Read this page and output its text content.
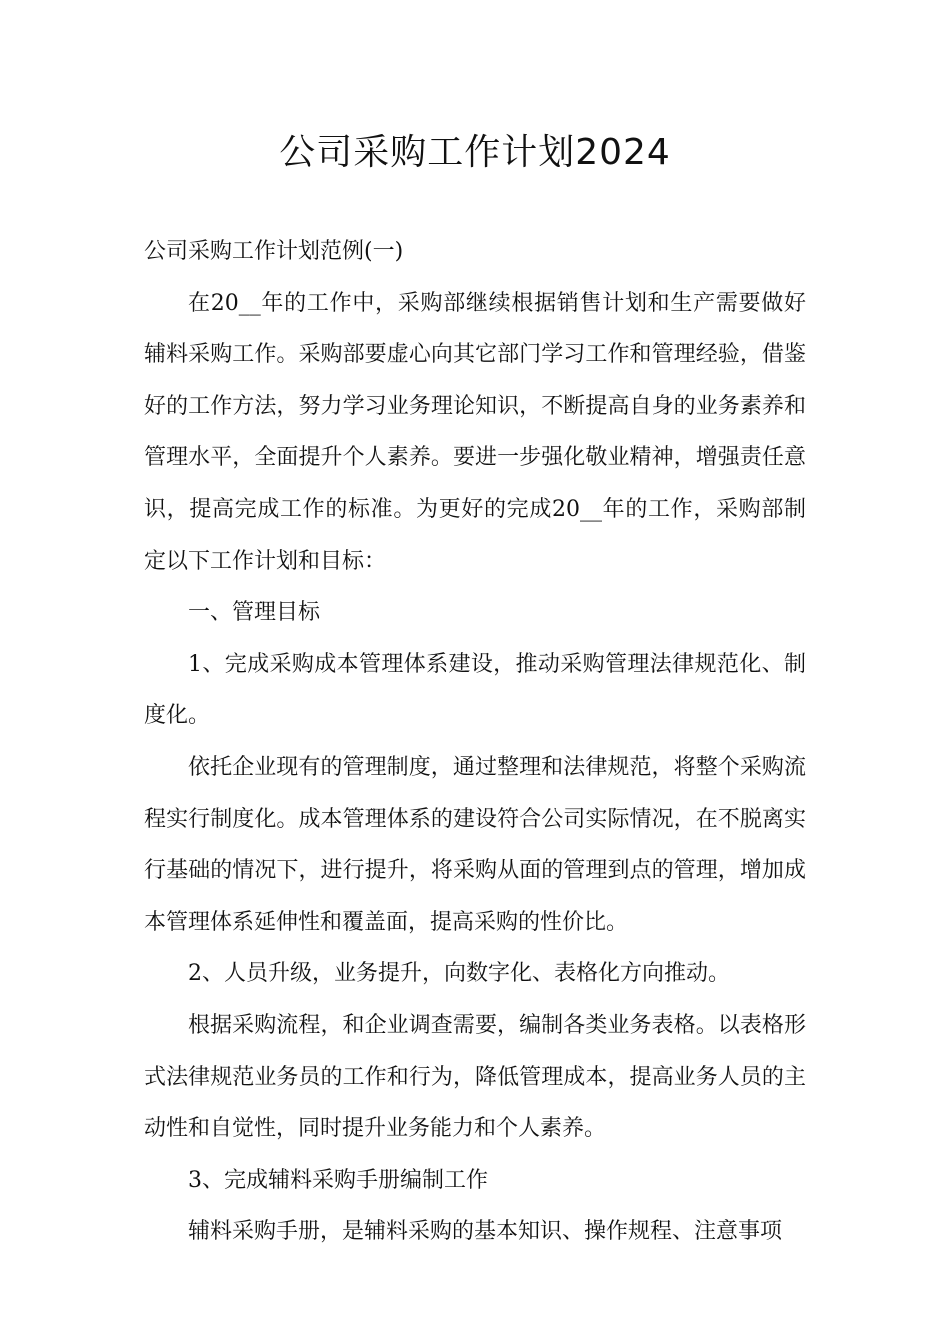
公司采购工作计划2024

公司采购工作计划范例(一)

在20__年的工作中，采购部继续根据销售计划和生产需要做好辅料采购工作。采购部要虚心向其它部门学习工作和管理经验，借鉴好的工作方法，努力学习业务理论知识，不断提高自身的业务素养和管理水平，全面提升个人素养。要进一步强化敬业精神，增强责任意识，提高完成工作的标准。为更好的完成20__年的工作，采购部制定以下工作计划和目标：

一、管理目标

1、完成采购成本管理体系建设，推动采购管理法律规范化、制度化。

依托企业现有的管理制度，通过整理和法律规范，将整个采购流程实行制度化。成本管理体系的建设符合公司实际情况，在不脱离实行基础的情况下，进行提升，将采购从面的管理到点的管理，增加成本管理体系延伸性和覆盖面，提高采购的性价比。

2、人员升级，业务提升，向数字化、表格化方向推动。

根据采购流程，和企业调查需要，编制各类业务表格。以表格形式法律规范业务员的工作和行为，降低管理成本，提高业务人员的主动性和自觉性，同时提升业务能力和个人素养。

3、完成辅料采购手册编制工作

辅料采购手册，是辅料采购的基本知识、操作规程、注意事项
